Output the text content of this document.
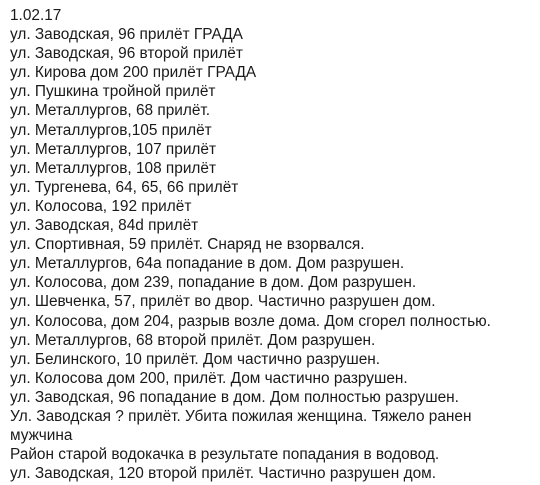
1.02.17
ул. Заводская, 96 прилёт ГРАДА
ул. Заводская, 96 второй прилёт
ул. Кирова дом 200 прилёт ГРАДА
ул. Пушкина тройной прилёт
ул. Металлургов, 68 прилёт.
ул. Металлургов,105 прилёт
ул. Металлургов, 107 прилёт
ул. Металлургов, 108 прилёт
ул. Тургенева, 64, 65, 66 прилёт
ул. Колосова, 192 прилёт
ул. Заводская, 84d прилёт
ул. Спортивная, 59 прилёт. Снаряд не взорвался.
ул. Металлургов, 64а попадание в дом. Дом разрушен.
ул. Колосова, дом 239, попадание в дом. Дом разрушен.
ул. Шевченка, 57, прилёт во двор. Частично разрушен дом.
ул. Колосова, дом 204, разрыв возле дома. Дом сгорел полностью.
ул. Металлургов, 68 второй прилёт. Дом разрушен.
ул. Белинского, 10 прилёт. Дом частично разрушен.
ул. Колосова дом 200, прилёт. Дом частично разрушен.
ул. Заводская, 96 попадание в дом. Дом полностью разрушен.
Ул. Заводская ? прилёт. Убита пожилая женщина. Тяжело ранен
мужчина
Район старой водокачка в результате попадания в водовод.
ул. Заводская, 120 второй прилёт. Частично разрушен дом.
